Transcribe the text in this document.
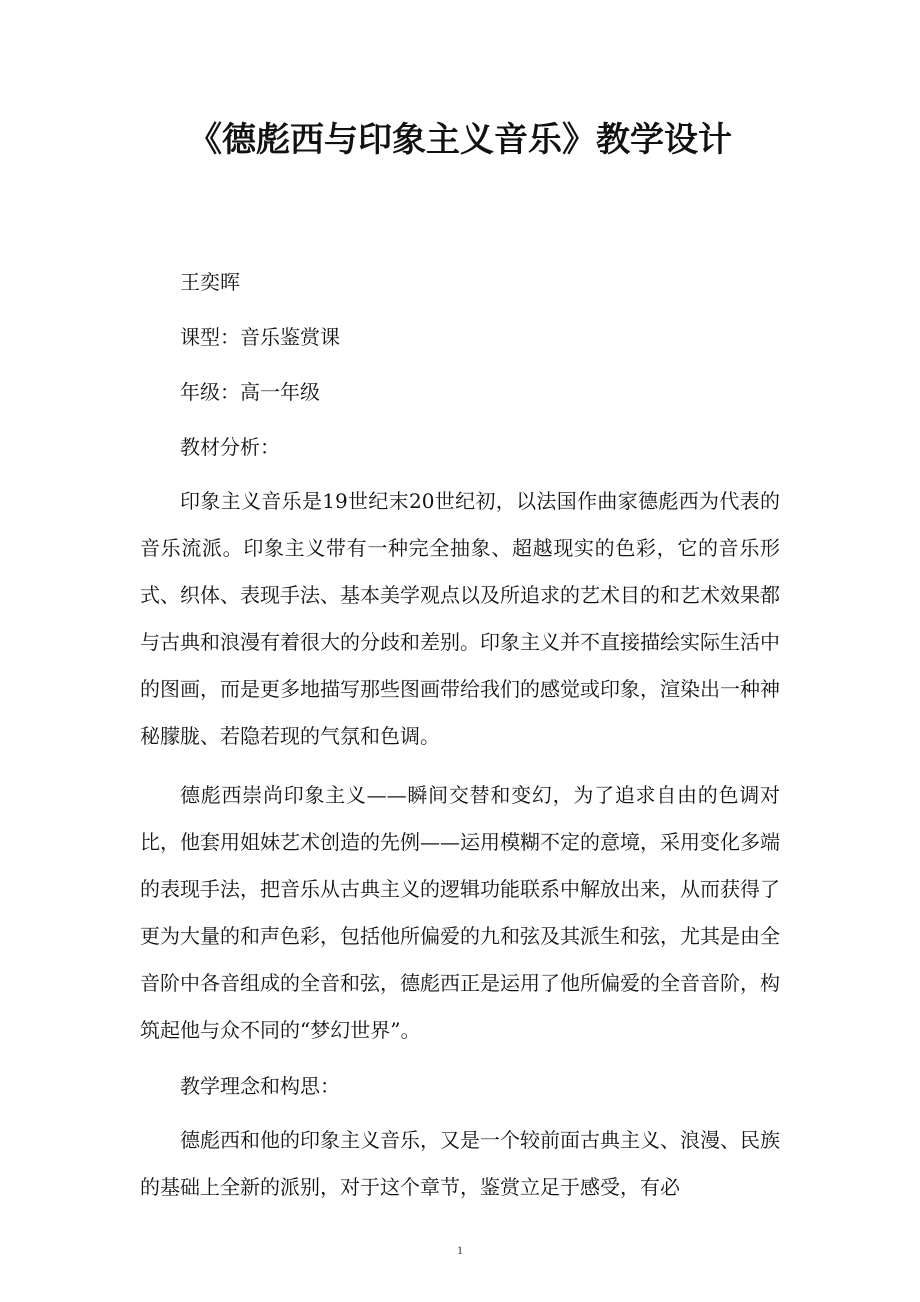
《德彪西与印象主义音乐》教学设计

王奕晖

课型：音乐鉴赏课

年级：高一年级

教材分析：

印象主义音乐是19世纪末20世纪初，以法国作曲家德彪西为代表的音乐流派。印象主义带有一种完全抽象、超越现实的色彩，它的音乐形式、织体、表现手法、基本美学观点以及所追求的艺术目的和艺术效果都与古典和浪漫有着很大的分歧和差别。印象主义并不直接描绘实际生活中的图画，而是更多地描写那些图画带给我们的感觉或印象，渲染出一种神秘朦胧、若隐若现的气氛和色调。

德彪西崇尚印象主义——瞬间交替和变幻，为了追求自由的色调对比，他套用姐妹艺术创造的先例——运用模糊不定的意境，采用变化多端的表现手法，把音乐从古典主义的逻辑功能联系中解放出来，从而获得了更为大量的和声色彩，包括他所偏爱的九和弦及其派生和弦，尤其是由全音阶中各音组成的全音和弦，德彪西正是运用了他所偏爱的全音音阶，构筑起他与众不同的“梦幻世界”。

教学理念和构思：

德彪西和他的印象主义音乐，又是一个较前面古典主义、浪漫、民族的基础上全新的派别，对于这个章节，鉴赏立足于感受，有必

1
